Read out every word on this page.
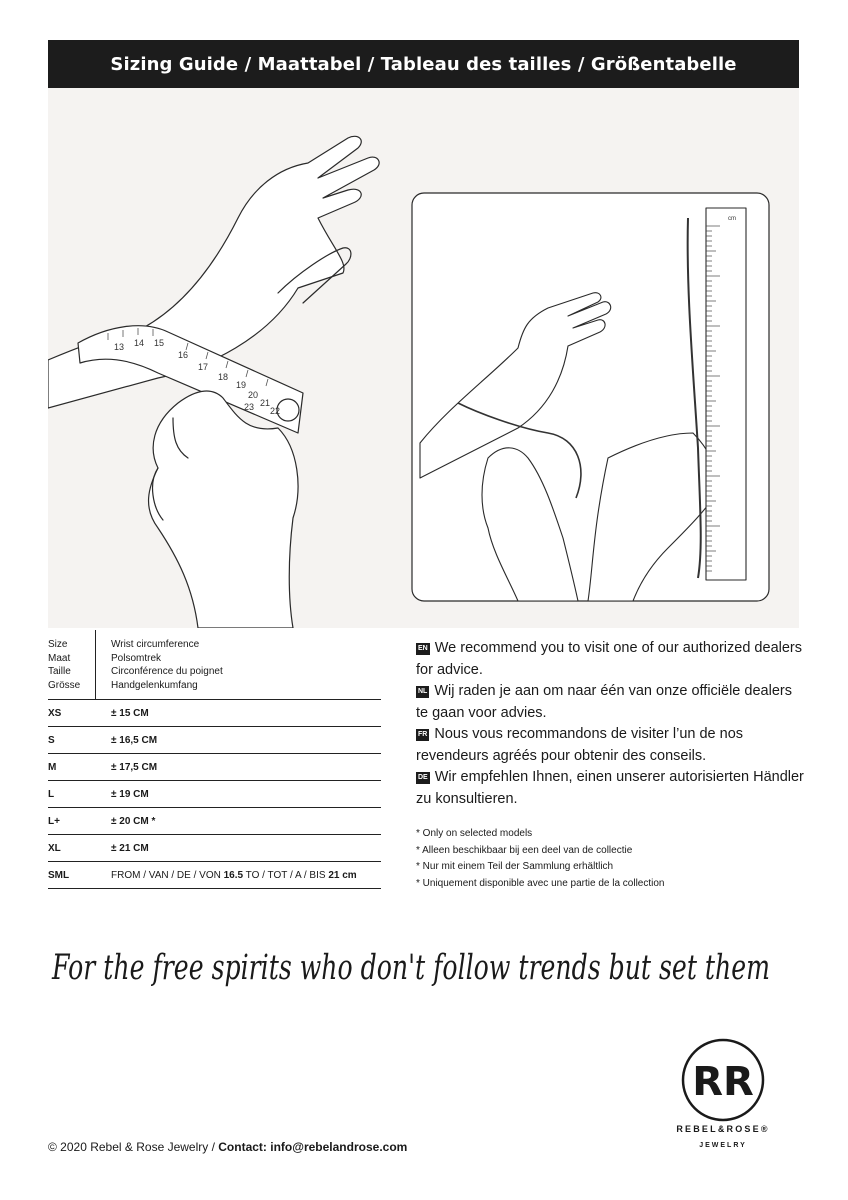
Sizing Guide / Maattabel / Tableau des tailles / Größentabelle
13 14 15
16
17
18
19
20
21
22
23
cm
Size
Maat
Taille
Grösse
Wrist circumference
Polsomtrek
Circonférence du poignet
Handgelenkumfang
XS	± 15 CM
S	± 16,5 CM
M	± 17,5 CM
L	± 19 CM
L+	± 20 CM *
XL	± 21 CM
SML	FROM / VAN / DE / VON 16.5 TO / TOT / A / BIS 21 cm

EN We recommend you to visit one of our authorized dealers for advice.

NL Wij raden je aan om naar één van onze officiële dealers te gaan voor advies.

FR Nous vous recommandons de visiter l’un de nos revendeurs agréés pour obtenir des conseils.

DE Wir empfehlen Ihnen, einen unserer autorisierten Händler zu konsultieren.

* Only on selected models
* Alleen beschikbaar bij een deel van de collectie
* Nur mit einem Teil der Sammlung erhältlich
* Uniquement disponible avec une partie de la collection
For the free spirits who don't follow trends but set them
RR
REBEL&ROSE®
JEWELRY
© 2020 Rebel & Rose Jewelry / Contact: info@rebelandrose.com
